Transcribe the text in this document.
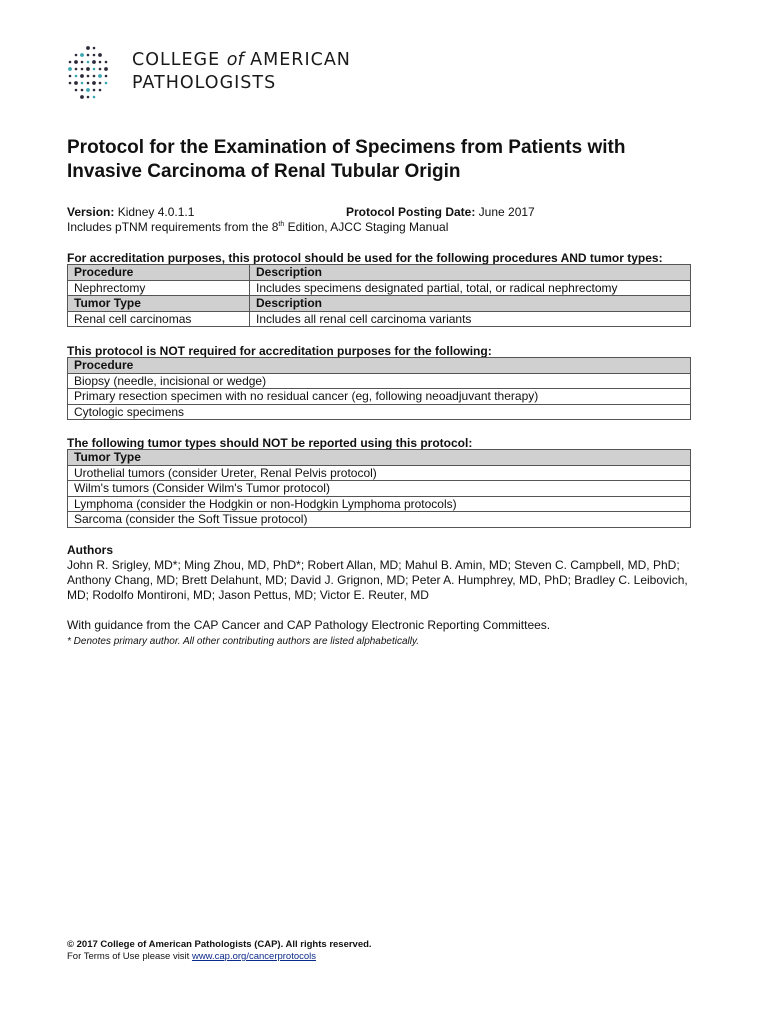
COLLEGE of AMERICAN
PATHOLOGISTS
Protocol for the Examination of Specimens from Patients with
Invasive Carcinoma of Renal Tubular Origin
Version: Kidney 4.0.1.1	Protocol Posting Date: June 2017
Includes pTNM requirements from the 8th Edition, AJCC Staging Manual
For accreditation purposes, this protocol should be used for the following procedures AND tumor types:
Procedure	Description
Nephrectomy	Includes specimens designated partial, total, or radical nephrectomy
Tumor Type	Description
Renal cell carcinomas	Includes all renal cell carcinoma variants
This protocol is NOT required for accreditation purposes for the following:
Procedure
Biopsy (needle, incisional or wedge)
Primary resection specimen with no residual cancer (eg, following neoadjuvant therapy)
Cytologic specimens
The following tumor types should NOT be reported using this protocol:
Tumor Type
Urothelial tumors (consider Ureter, Renal Pelvis protocol)
Wilm's tumors (Consider Wilm's Tumor protocol)
Lymphoma (consider the Hodgkin or non-Hodgkin Lymphoma protocols)
Sarcoma (consider the Soft Tissue protocol)
Authors
John R. Srigley, MD*; Ming Zhou, MD, PhD*; Robert Allan, MD; Mahul B. Amin, MD; Steven C. Campbell, MD, PhD; Anthony Chang, MD; Brett Delahunt, MD; David J. Grignon, MD; Peter A. Humphrey, MD, PhD; Bradley C. Leibovich, MD; Rodolfo Montironi, MD; Jason Pettus, MD; Victor E. Reuter, MD
With guidance from the CAP Cancer and CAP Pathology Electronic Reporting Committees.
* Denotes primary author. All other contributing authors are listed alphabetically.
© 2017 College of American Pathologists (CAP). All rights reserved.
For Terms of Use please visit www.cap.org/cancerprotocols
